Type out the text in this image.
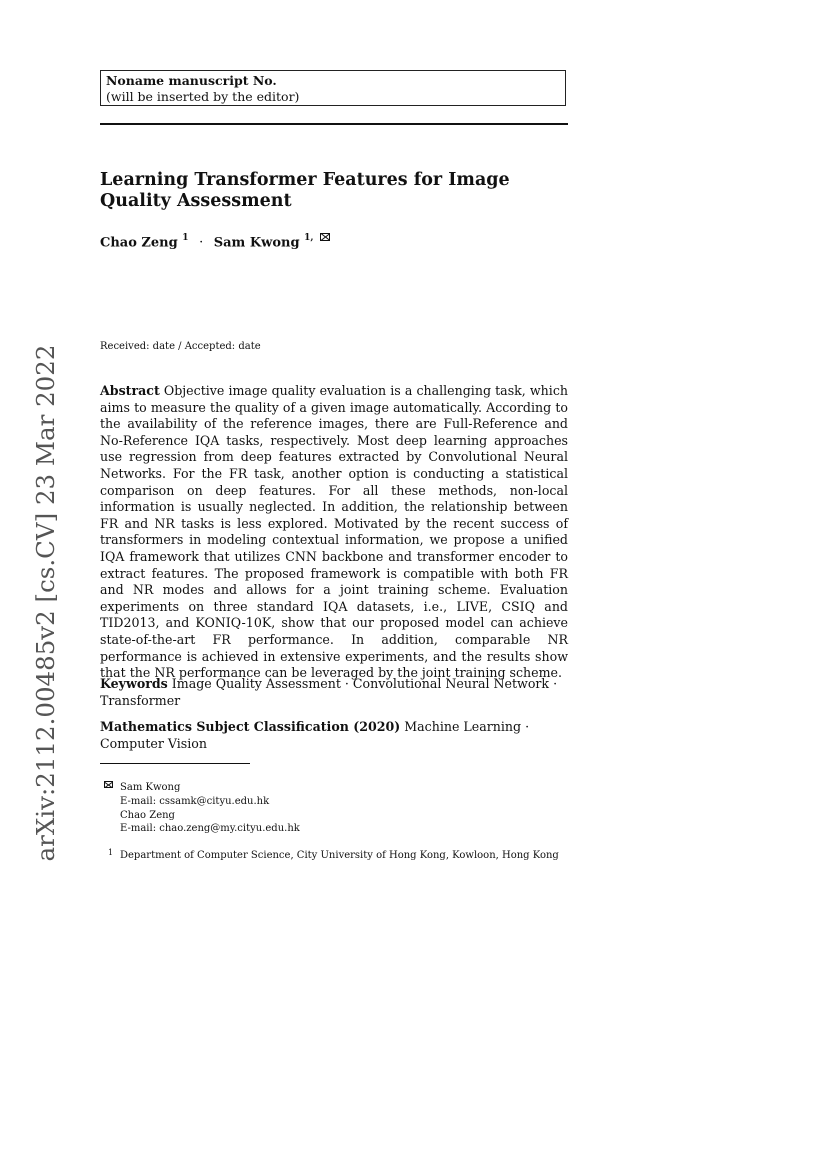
arXiv:2112.00485v2 [cs.CV] 23 Mar 2022
Noname manuscript No.
(will be inserted by the editor)
Learning Transformer Features for Image Quality Assessment
Chao Zeng $^1$ · Sam Kwong $^{1,}$
Received: date / Accepted: date
Abstract Objective image quality evaluation is a challenging task, which aims to measure the quality of a given image automatically. According to the availability of the reference images, there are Full-Reference and No-Reference IQA tasks, respectively. Most deep learning approaches use regression from deep features extracted by Convolutional Neural Networks. For the FR task, another option is conducting a statistical comparison on deep features. For all these methods, non-local information is usually neglected. In addition, the relationship between FR and NR tasks is less explored. Motivated by the recent success of transformers in modeling contextual information, we propose a unified IQA framework that utilizes CNN backbone and transformer encoder to extract features. The proposed framework is compatible with both FR and NR modes and allows for a joint training scheme. Evaluation experiments on three standard IQA datasets, i.e., LIVE, CSIQ and TID2013, and KONIQ-10K, show that our proposed model can achieve state-of-the-art FR performance. In addition, comparable NR performance is achieved in extensive experiments, and the results show that the NR performance can be leveraged by the joint training scheme.
Keywords Image Quality Assessment · Convolutional Neural Network · Transformer
Mathematics Subject Classification (2020) Machine Learning · Computer Vision
Sam Kwong
E-mail: cssamk@cityu.edu.hk
Chao Zeng
E-mail: chao.zeng@my.cityu.edu.hk
1 Department of Computer Science, City University of Hong Kong, Kowloon, Hong Kong
